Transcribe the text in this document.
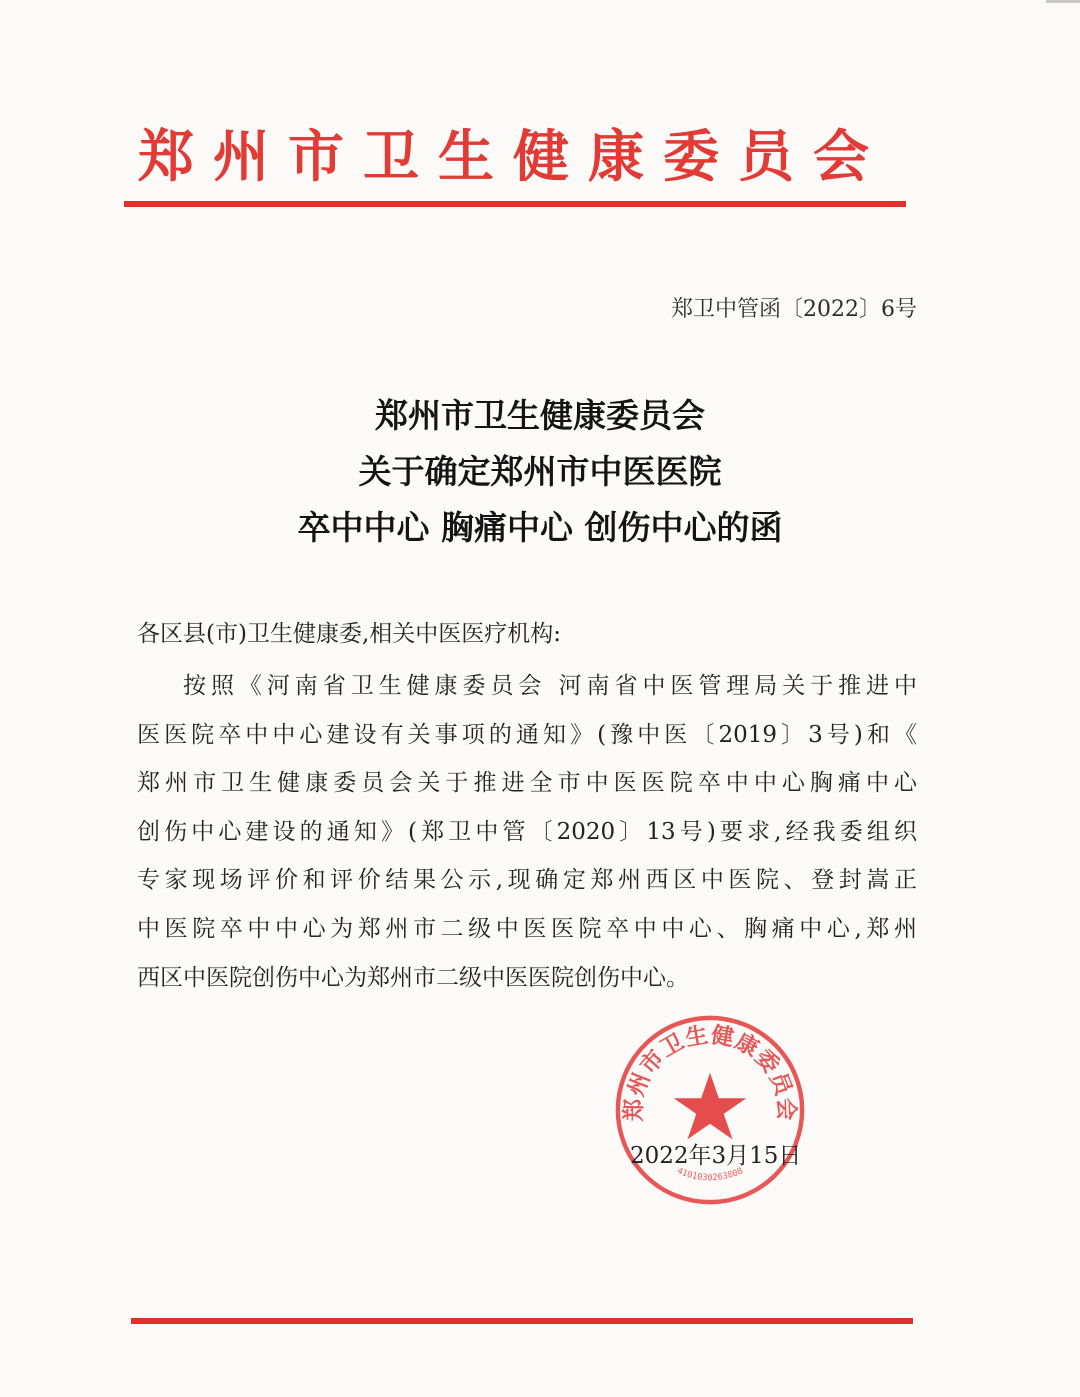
郑州市卫生健康委员会
郑卫中管函〔2022〕6号
郑州市卫生健康委员会
关于确定郑州市中医医院
卒中中心 胸痛中心 创伤中心的函
各区县(市)卫生健康委,相关中医医疗机构:
按照《河南省卫生健康委员会 河南省中医管理局关于推进中
医医院卒中中心建设有关事项的通知》(豫中医〔2019〕3号)和《
郑州市卫生健康委员会关于推进全市中医医院卒中中心胸痛中心
创伤中心建设的通知》(郑卫中管〔2020〕13号)要求,经我委组织
专家现场评价和评价结果公示,现确定郑州西区中医院、登封嵩正
中医院卒中中心为郑州市二级中医医院卒中中心、胸痛中心,郑州
西区中医院创伤中心为郑州市二级中医医院创伤中心。
郑州市卫生健康委员会
4101030263808
2022年3月15日
